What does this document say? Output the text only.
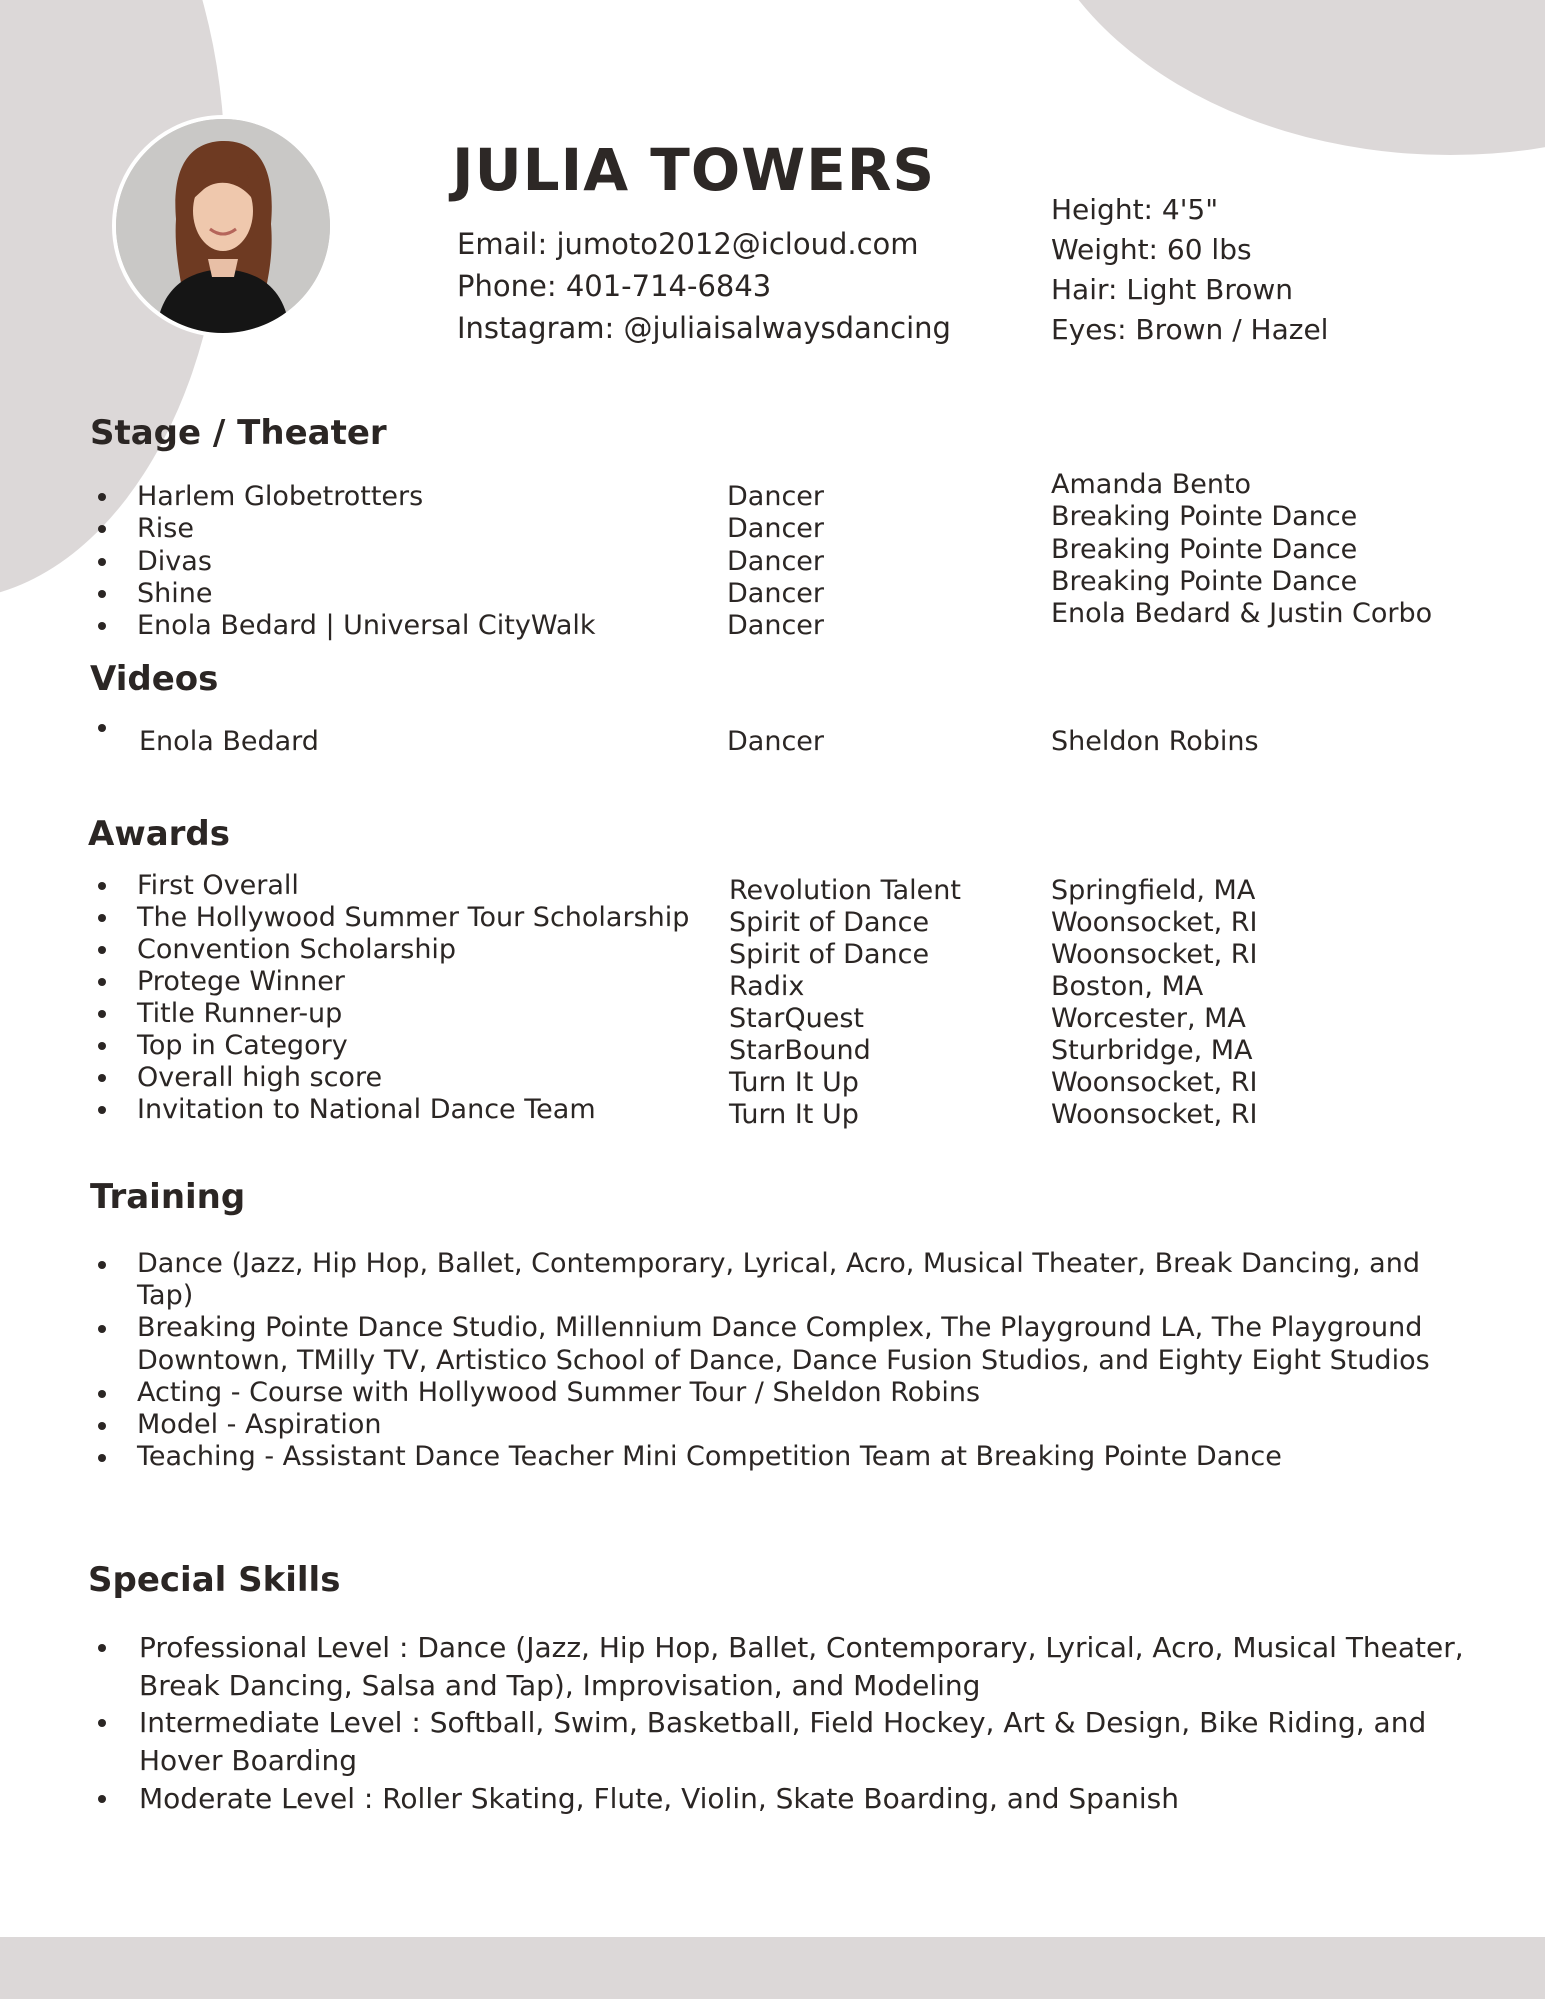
JULIA TOWERS
Email: jumoto2012@icloud.com
Phone: 401-714-6843
Instagram: @juliaisalwaysdancing
Height: 4'5"
Weight: 60 lbs
Hair: Light Brown
Eyes: Brown / Hazel
Stage / Theater
Harlem Globetrotters
Rise
Divas
Shine
Enola Bedard | Universal CityWalk
Dancer
Dancer
Dancer
Dancer
Dancer
Amanda Bento
Breaking Pointe Dance
Breaking Pointe Dance
Breaking Pointe Dance
Enola Bedard & Justin Corbo
Videos
Enola Bedard	Dancer	Sheldon Robins
Awards
First Overall
The Hollywood Summer Tour Scholarship
Convention Scholarship
Protege Winner
Title Runner-up
Top in Category
Overall high score
Invitation to National Dance Team
Revolution Talent
Spirit of Dance
Spirit of Dance
Radix
StarQuest
StarBound
Turn It Up
Turn It Up
Springfield, MA
Woonsocket, RI
Woonsocket, RI
Boston, MA
Worcester, MA
Sturbridge, MA
Woonsocket, RI
Woonsocket, RI
Training
Dance (Jazz, Hip Hop, Ballet, Contemporary, Lyrical, Acro, Musical Theater, Break Dancing, and Tap)
Breaking Pointe Dance Studio, Millennium Dance Complex, The Playground LA, The Playground Downtown, TMilly TV, Artistico School of Dance, Dance Fusion Studios, and Eighty Eight Studios
Acting - Course with Hollywood Summer Tour / Sheldon Robins
Model - Aspiration
Teaching - Assistant Dance Teacher Mini Competition Team at Breaking Pointe Dance
Special Skills
Professional Level : Dance (Jazz, Hip Hop, Ballet, Contemporary, Lyrical, Acro, Musical Theater, Break Dancing, Salsa and Tap), Improvisation, and Modeling
Intermediate Level : Softball, Swim, Basketball, Field Hockey, Art & Design, Bike Riding, and Hover Boarding
Moderate Level : Roller Skating, Flute, Violin, Skate Boarding, and Spanish
